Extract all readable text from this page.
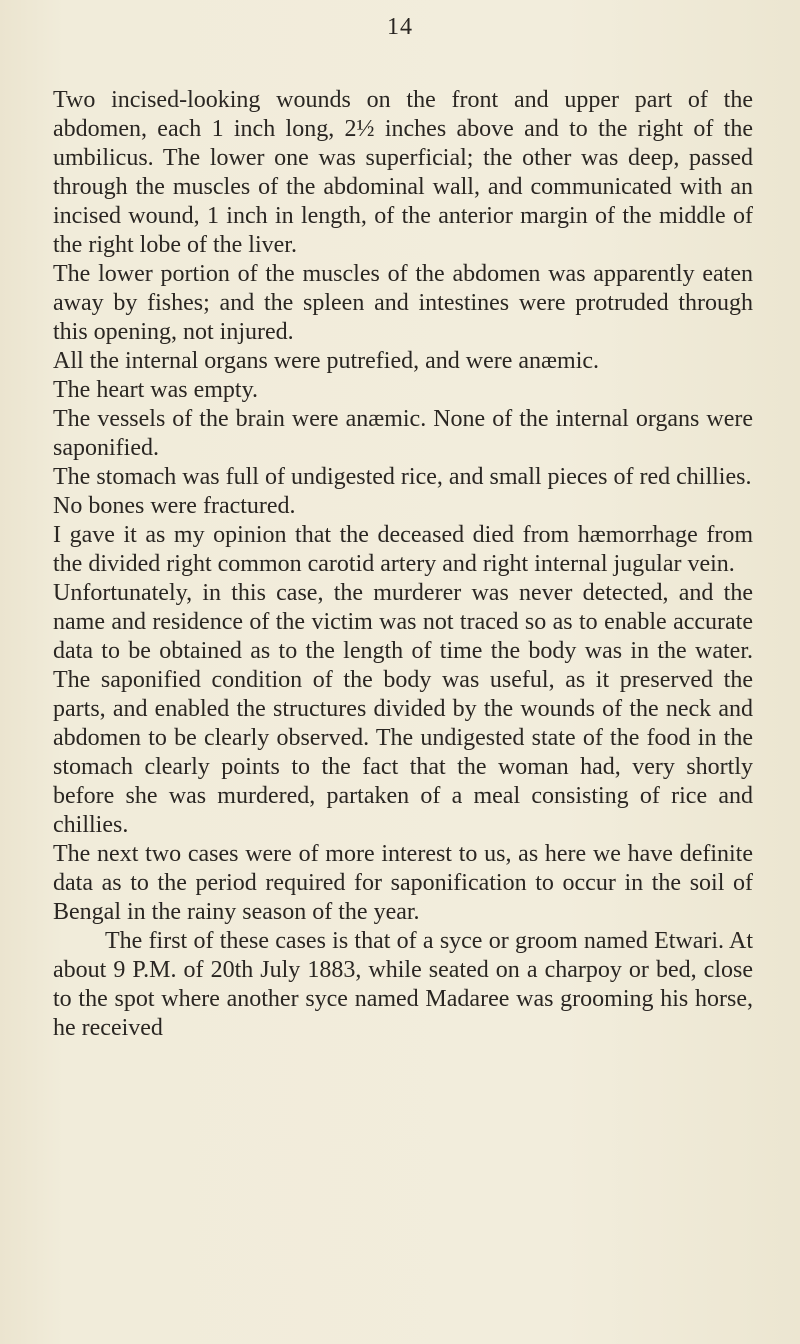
14

Two incised-looking wounds on the front and upper part of the abdomen, each 1 inch long, 2½ inches above and to the right of the umbilicus. The lower one was superficial; the other was deep, passed through the muscles of the abdominal wall, and communicated with an incised wound, 1 inch in length, of the anterior margin of the middle of the right lobe of the liver.

The lower portion of the muscles of the abdomen was apparently eaten away by fishes; and the spleen and intestines were protruded through this opening, not injured.

All the internal organs were putrefied, and were anæmic.

The heart was empty.

The vessels of the brain were anæmic. None of the internal organs were saponified.

The stomach was full of undigested rice, and small pieces of red chillies.

No bones were fractured.

I gave it as my opinion that the deceased died from hæmorrhage from the divided right common carotid artery and right internal jugular vein.

Unfortunately, in this case, the murderer was never detected, and the name and residence of the victim was not traced so as to enable accurate data to be obtained as to the length of time the body was in the water. The saponified condition of the body was useful, as it preserved the parts, and enabled the structures divided by the wounds of the neck and abdomen to be clearly observed. The undigested state of the food in the stomach clearly points to the fact that the woman had, very shortly before she was murdered, partaken of a meal consisting of rice and chillies.

The next two cases were of more interest to us, as here we have definite data as to the period required for saponification to occur in the soil of Bengal in the rainy season of the year.

The first of these cases is that of a syce or groom named Etwari. At about 9 P.M. of 20th July 1883, while seated on a charpoy or bed, close to the spot where another syce named Madaree was grooming his horse, he received
